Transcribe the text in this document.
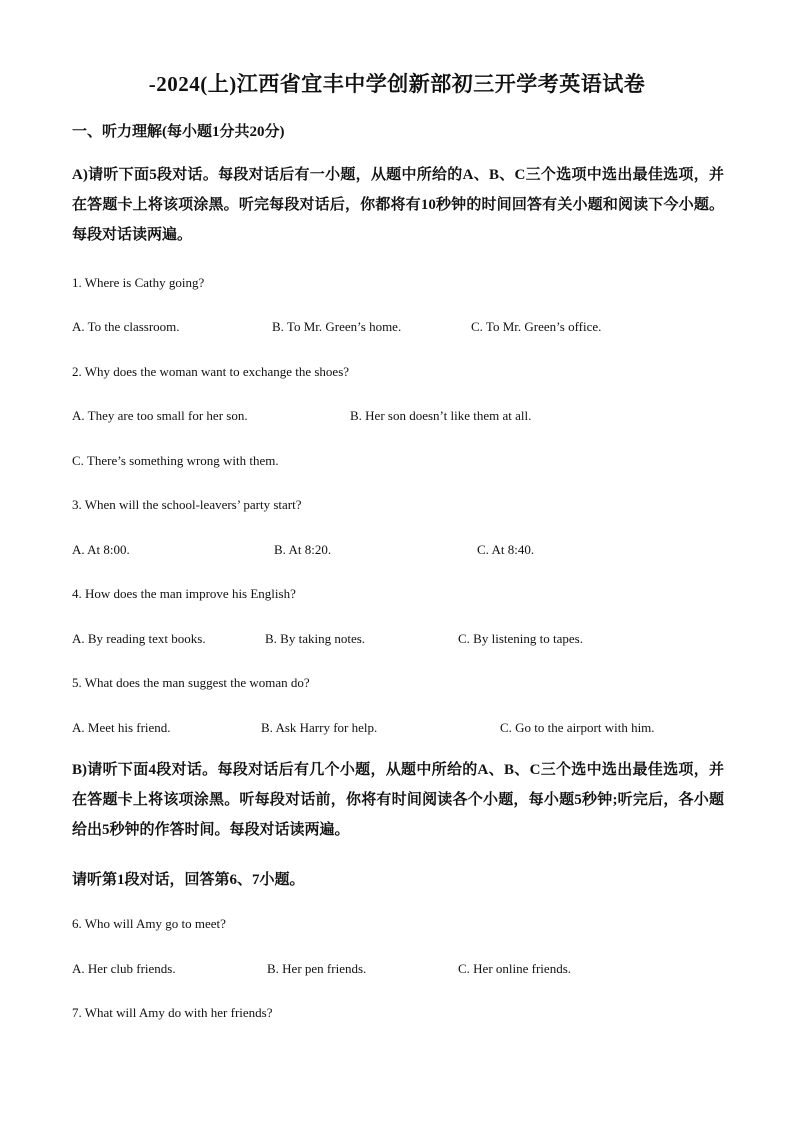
-2024(上)江西省宜丰中学创新部初三开学考英语试卷
一、听力理解(每小题1分共20分)
A)请听下面5段对话。每段对话后有一小题，从题中所给的A、B、C三个选项中选出最佳选项，并在答题卡上将该项涂黑。听完每段对话后，你都将有10秒钟的时间回答有关小题和阅读下今小题。每段对话读两遍。
1. Where is Cathy going?
A. To the classroom.	B. To Mr. Green’s home.	C. To Mr. Green’s office.
2. Why does the woman want to exchange the shoes?
A. They are too small for her son.	B. Her son doesn’t like them at all.
C. There’s something wrong with them.
3. When will the school-leavers’ party start?
A. At 8:00.	B. At 8:20.	C. At 8:40.
4. How does the man improve his English?
A. By reading text books.	B. By taking notes.	C. By listening to tapes.
5. What does the man suggest the woman do?
A. Meet his friend.	B. Ask Harry for help.	C. Go to the airport with him.
B)请听下面4段对话。每段对话后有几个小题，从题中所给的A、B、C三个选中选出最佳选项，并在答题卡上将该项涂黑。听每段对话前，你将有时间阅读各个小题，每小题5秒钟;听完后，各小题给出5秒钟的作答时间。每段对话读两遍。
请听第1段对话，回答第6、7小题。
6. Who will Amy go to meet?
A. Her club friends.	B. Her pen friends.	C. Her online friends.
7. What will Amy do with her friends?
